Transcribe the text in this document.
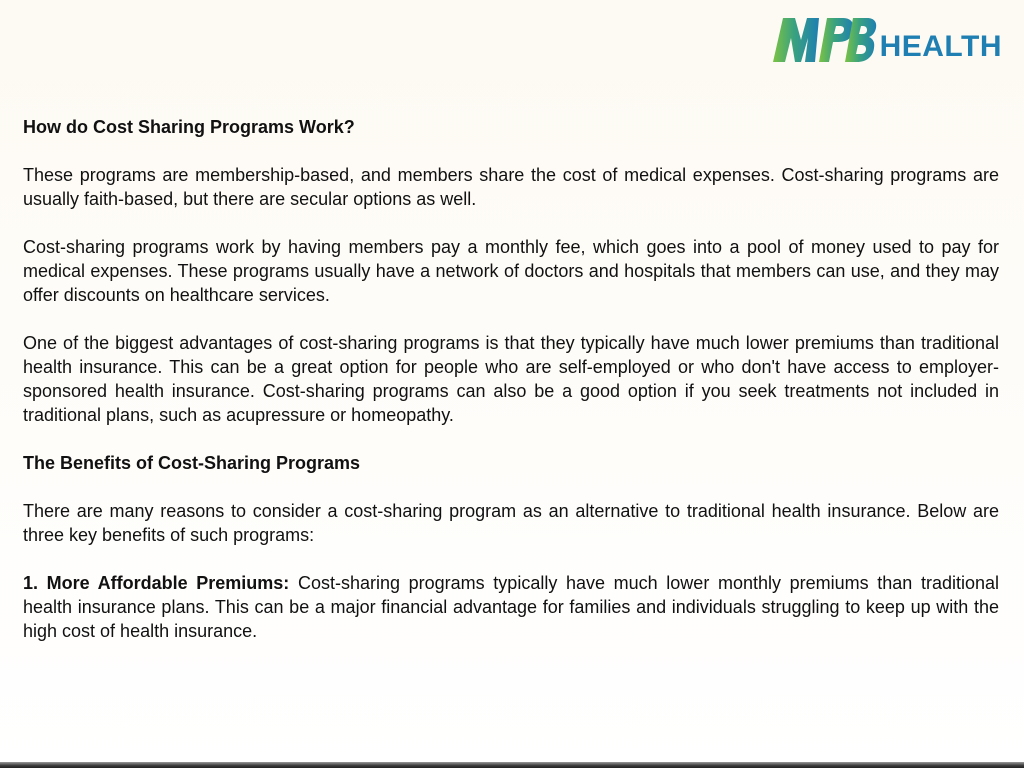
HEALTH

How do Cost Sharing Programs Work?

These programs are membership-based, and members share the cost of medical expenses. Cost-sharing programs are usually faith-based, but there are secular options as well.

Cost-sharing programs work by having members pay a monthly fee, which goes into a pool of money used to pay for medical expenses. These programs usually have a network of doctors and hospitals that members can use, and they may offer discounts on healthcare services.

One of the biggest advantages of cost-sharing programs is that they typically have much lower premiums than traditional health insurance. This can be a great option for people who are self-employed or who don't have access to employer-sponsored health insurance. Cost-sharing programs can also be a good option if you seek treatments not included in traditional plans, such as acupressure or homeopathy.

The Benefits of Cost-Sharing Programs

There are many reasons to consider a cost-sharing program as an alternative to traditional health insurance. Below are three key benefits of such programs:

1. More Affordable Premiums: Cost-sharing programs typically have much lower monthly premiums than traditional health insurance plans. This can be a major financial advantage for families and individuals struggling to keep up with the high cost of health insurance.
